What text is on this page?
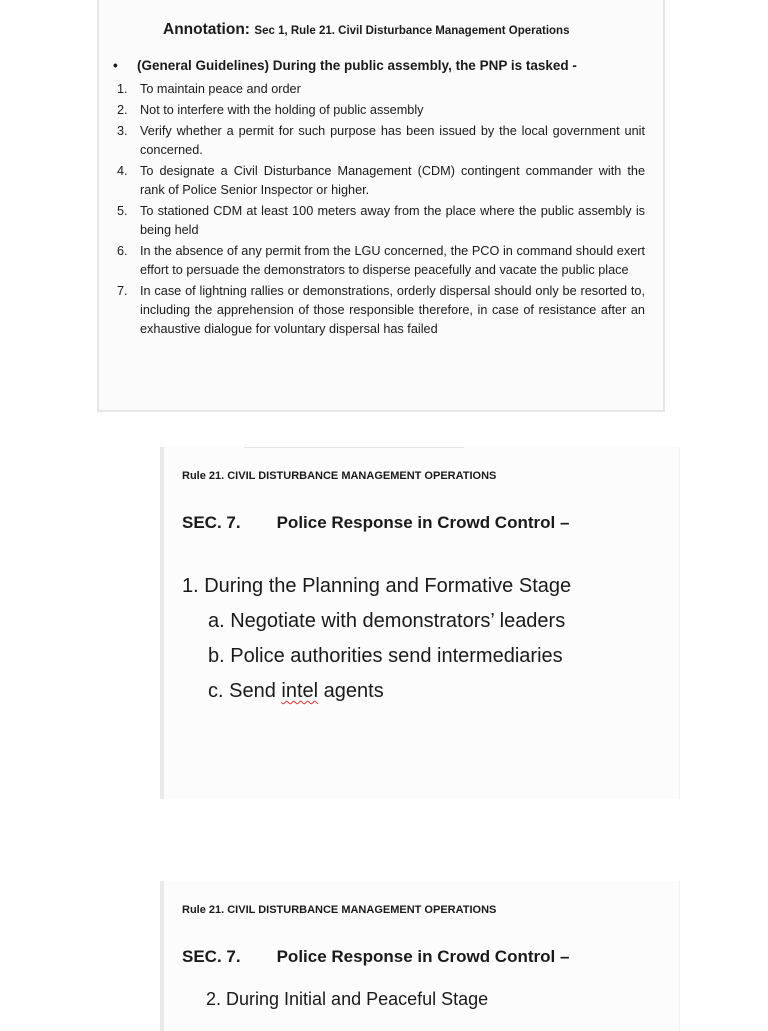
Annotation: Sec 1, Rule 21. Civil Disturbance Management Operations
• (General Guidelines) During the public assembly, the PNP is tasked -
1. To maintain peace and order
2. Not to interfere with the holding of public assembly
3. Verify whether a permit for such purpose has been issued by the local government unit concerned.
4. To designate a Civil Disturbance Management (CDM) contingent commander with the rank of Police Senior Inspector or higher.
5. To stationed CDM at least 100 meters away from the place where the public assembly is being held
6. In the absence of any permit from the LGU concerned, the PCO in command should exert effort to persuade the demonstrators to disperse peacefully and vacate the public place
7. In case of lightning rallies or demonstrations, orderly dispersal should only be resorted to, including the apprehension of those responsible therefore, in case of resistance after an exhaustive dialogue for voluntary dispersal has failed
Rule 21. CIVIL DISTURBANCE MANAGEMENT OPERATIONS
SEC. 7. Police Response in Crowd Control –
1. During the Planning and Formative Stage
a. Negotiate with demonstrators’ leaders
b. Police authorities send intermediaries
c. Send intel agents
Rule 21. CIVIL DISTURBANCE MANAGEMENT OPERATIONS
SEC. 7. Police Response in Crowd Control –
2. During Initial and Peaceful Stage
